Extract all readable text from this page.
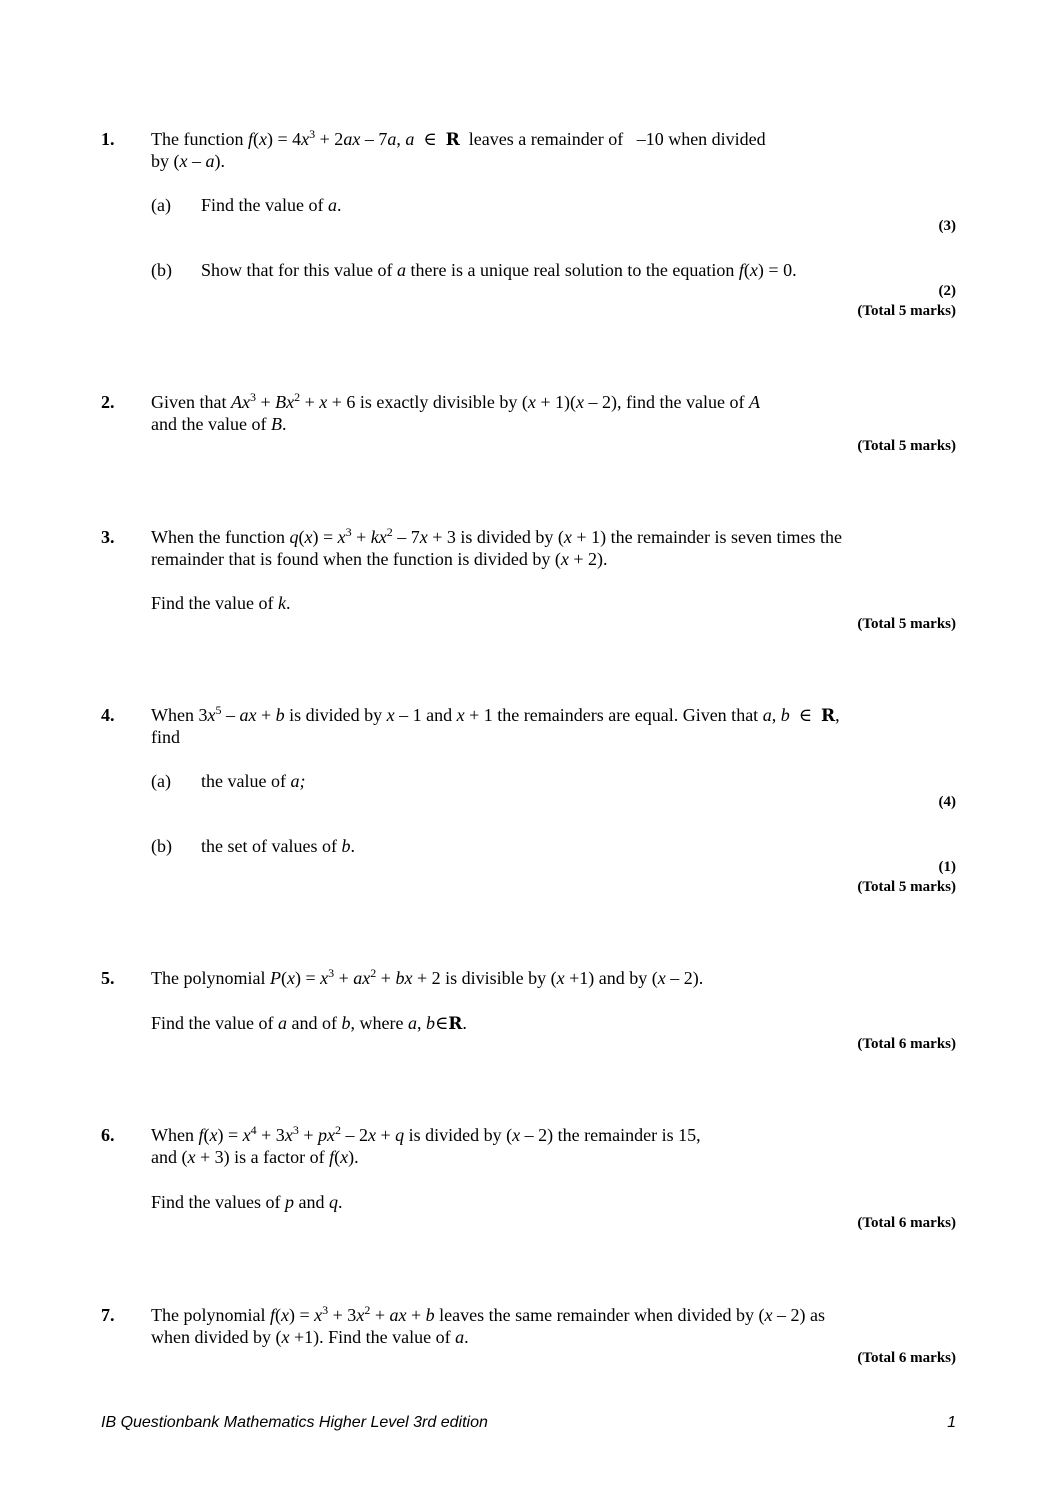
1. The function $f(x) = 4x^3 + 2ax - 7a$, a  ∈  R  leaves a remainder of   –10 when divided
by (x – a).
(a) Find the value of a.
(3)
(b) Show that for this value of a there is a unique real solution to the equation f(x) = 0.
(2)
(Total 5 marks)
2. Given that $Ax^3 + Bx^2 + x + 6$ is exactly divisible by (x + 1)(x – 2), find the value of A
and the value of B.
(Total 5 marks)
3. When the function $q(x) = x^3 + kx^2 - 7x + 3$ is divided by (x + 1) the remainder is seven times the
remainder that is found when the function is divided by (x + 2).
Find the value of k.
(Total 5 marks)
4. When $3x^5$ – ax + b is divided by x – 1 and x + 1 the remainders are equal. Given that a, b  ∈  R,
find
(a) the value of a;
(4)
(b) the set of values of b.
(1)
(Total 5 marks)
5. The polynomial $P(x) = x^3 + ax^2$ + bx + 2 is divisible by (x +1) and by (x – 2).
Find the value of a and of b, where a, b∈R.
(Total 6 marks)
6. When $f(x) = x^4 + 3x^3 + px^2 - 2x + q$ is divided by (x – 2) the remainder is 15,
and (x + 3) is a factor of f(x).
Find the values of p and q.
(Total 6 marks)
7. The polynomial $f(x) = x^3 + 3x^2$ + ax + b leaves the same remainder when divided by (x – 2) as
when divided by (x +1). Find the value of a.
(Total 6 marks)
IB Questionbank Mathematics Higher Level 3rd edition	1
